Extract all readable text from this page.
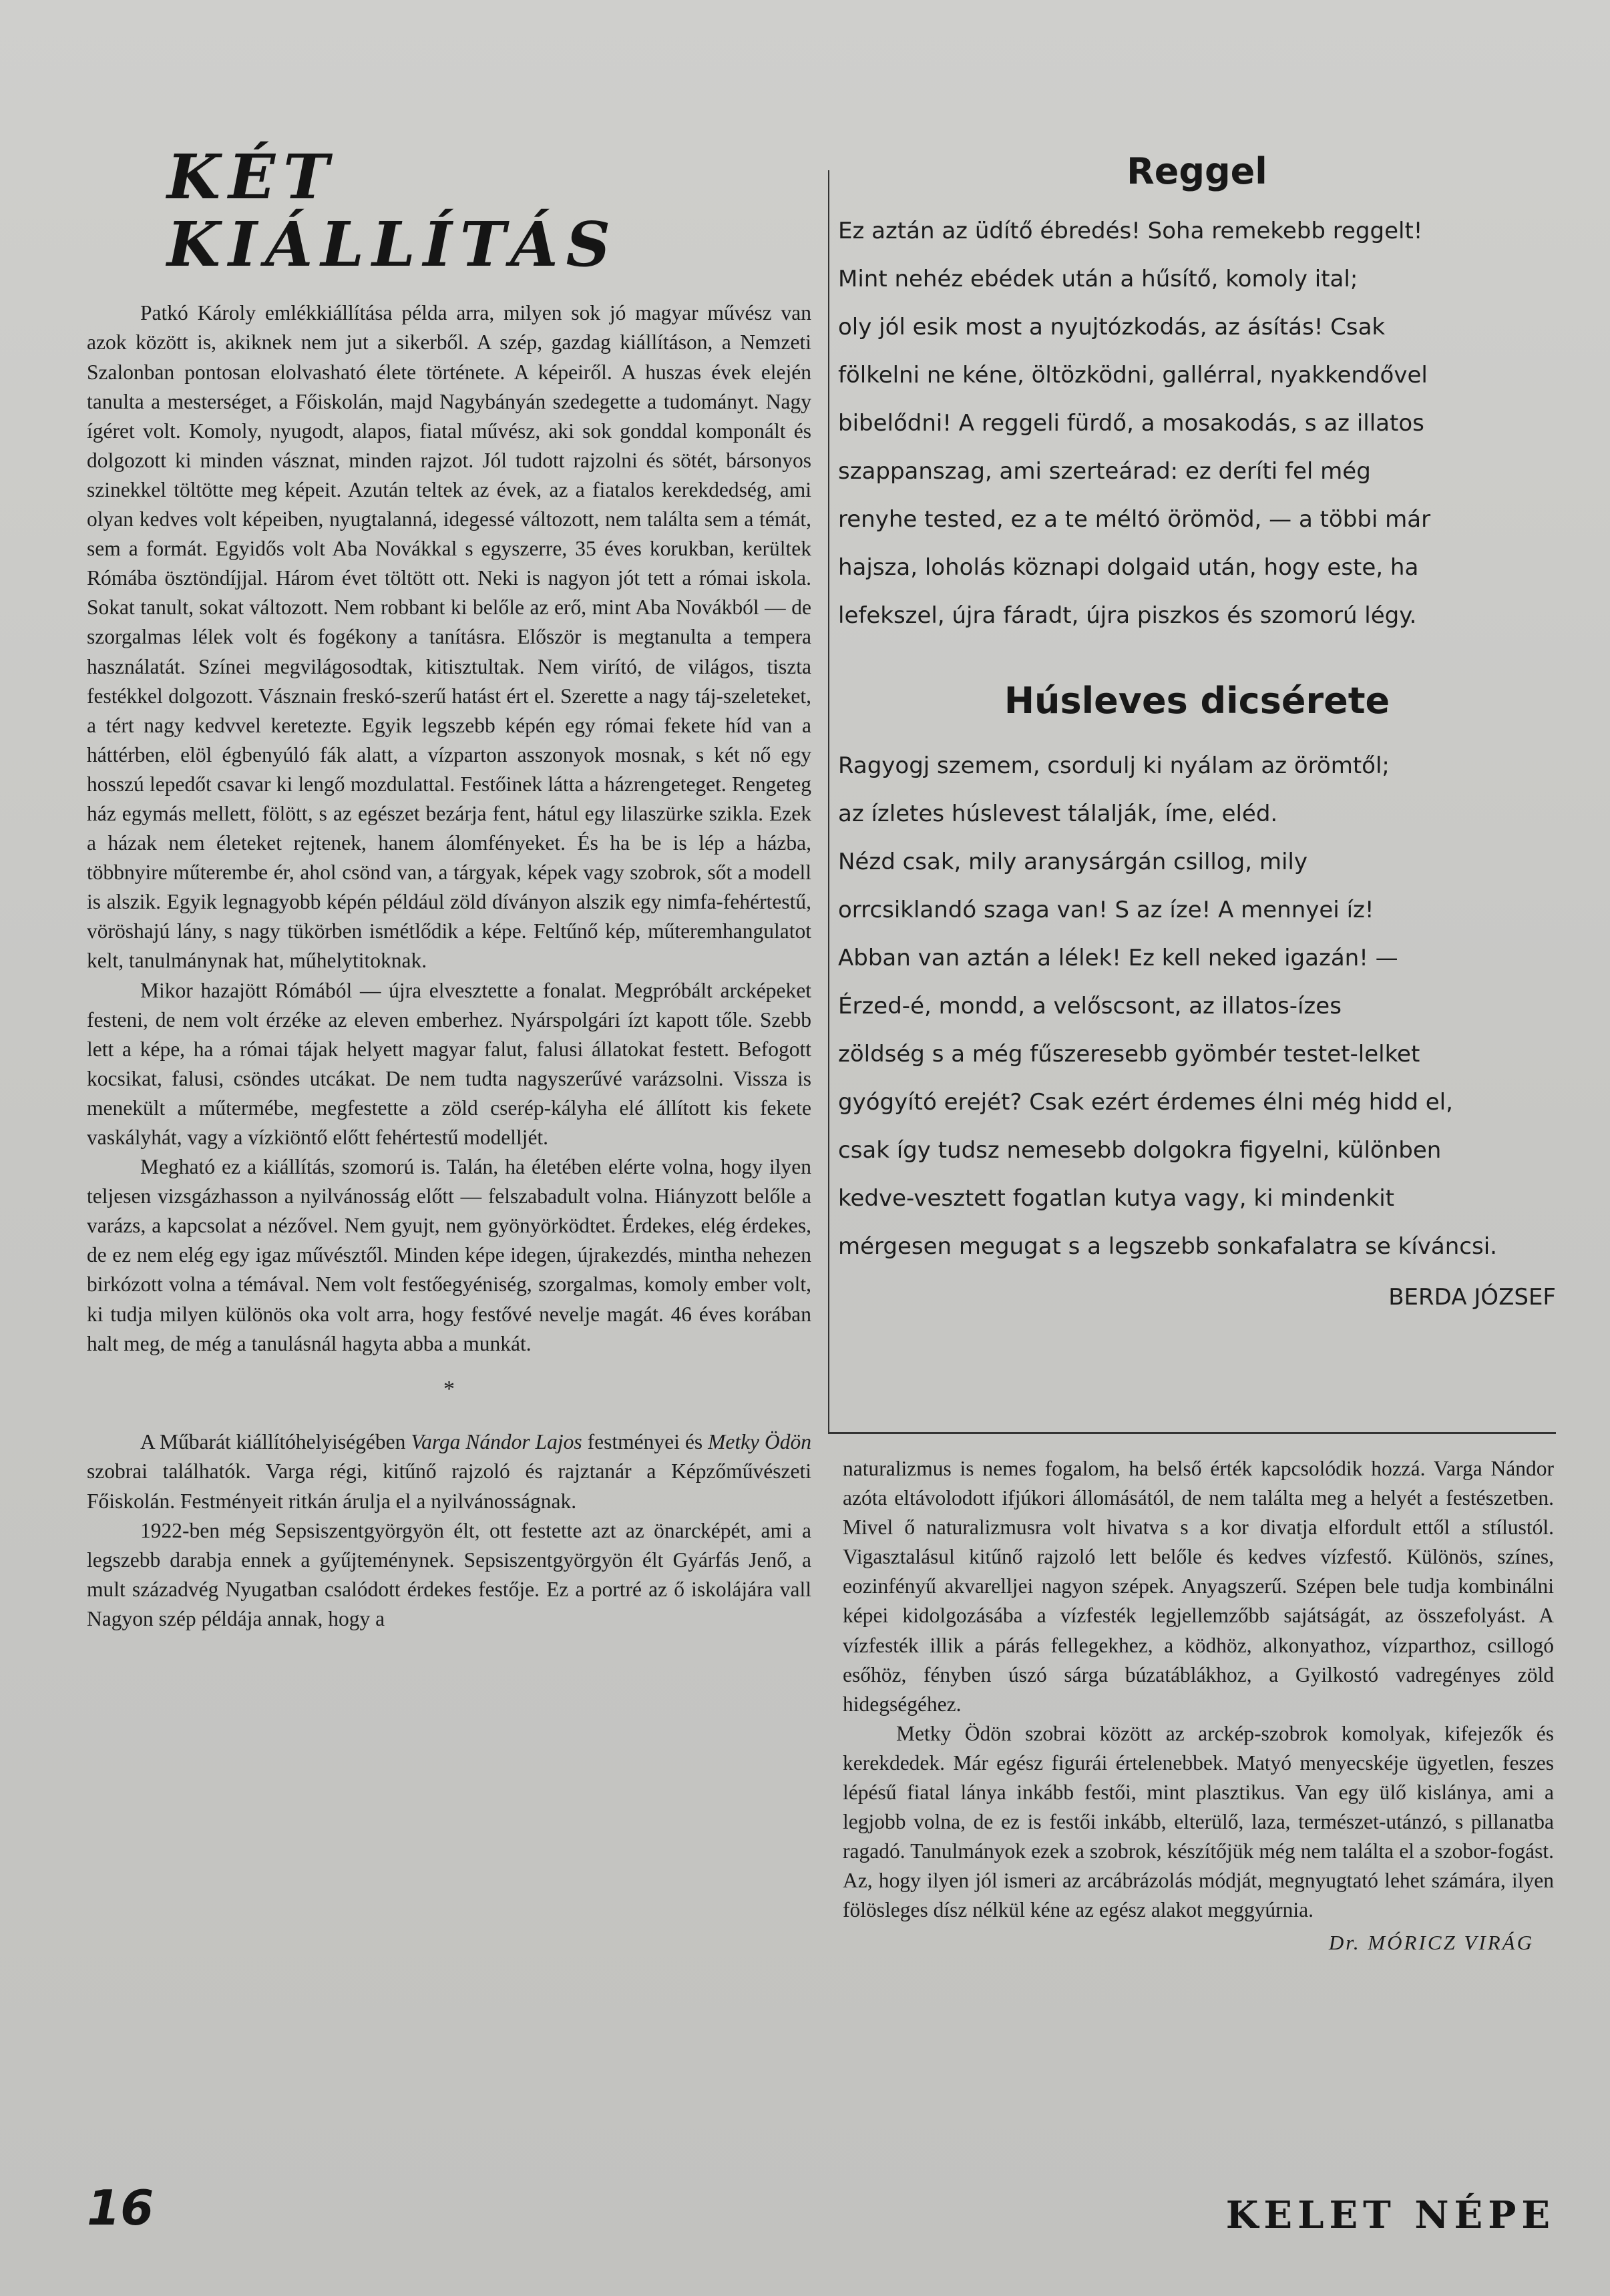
KÉT KIÁLLÍTÁS

Patkó Károly emlékkiállítása példa arra, milyen sok jó magyar művész van azok között is, akiknek nem jut a sikerből. A szép, gazdag kiállításon, a Nemzeti Szalonban pontosan elolvasható élete története. A képeiről. A huszas évek elején tanulta a mesterséget, a Főiskolán, majd Nagybányán szedegette a tudományt. Nagy ígéret volt. Komoly, nyugodt, alapos, fiatal művész, aki sok gonddal komponált és dolgozott ki minden vásznat, minden rajzot. Jól tudott rajzolni és sötét, bársonyos szinekkel töltötte meg képeit. Azután teltek az évek, az a fiatalos kerekdedség, ami olyan kedves volt képeiben, nyugtalanná, idegessé változott, nem találta sem a témát, sem a formát. Egyidős volt Aba Novákkal s egyszerre, 35 éves korukban, kerültek Rómába ösztöndíjjal. Három évet töltött ott. Neki is nagyon jót tett a római iskola. Sokat tanult, sokat változott. Nem robbant ki belőle az erő, mint Aba Novákból — de szorgalmas lélek volt és fogékony a tanításra. Először is megtanulta a tempera használatát. Színei megvilágosodtak, kitisztultak. Nem virító, de világos, tiszta festékkel dolgozott. Vásznain freskó-szerű hatást ért el. Szerette a nagy táj-szeleteket, a tért nagy kedvvel keretezte. Egyik legszebb képén egy római fekete híd van a háttérben, elöl égbenyúló fák alatt, a vízparton asszonyok mosnak, s két nő egy hosszú lepedőt csavar ki lengő mozdulattal. Festőinek látta a házrengeteget. Rengeteg ház egymás mellett, fölött, s az egészet bezárja fent, hátul egy lilaszürke szikla. Ezek a házak nem életeket rejtenek, hanem álomfényeket. És ha be is lép a házba, többnyire műterembe ér, ahol csönd van, a tárgyak, képek vagy szobrok, sőt a modell is alszik. Egyik legnagyobb képén például zöld díványon alszik egy nimfa-fehértestű, vöröshajú lány, s nagy tükörben ismétlődik a képe. Feltűnő kép, műteremhangulatot kelt, tanulmánynak hat, műhelytitoknak.

Mikor hazajött Rómából — újra elvesztette a fonalat. Megpróbált arcképeket festeni, de nem volt érzéke az eleven emberhez. Nyárspolgári ízt kapott tőle. Szebb lett a képe, ha a római tájak helyett magyar falut, falusi állatokat festett. Befogott kocsikat, falusi, csöndes utcákat. De nem tudta nagyszerűvé varázsolni. Vissza is menekült a műtermébe, megfestette a zöld cserép-kályha elé állított kis fekete vaskályhát, vagy a vízkiöntő előtt fehértestű modelljét.

Megható ez a kiállítás, szomorú is. Talán, ha életében elérte volna, hogy ilyen teljesen vizsgázhasson a nyilvánosság előtt — felszabadult volna. Hiányzott belőle a varázs, a kapcsolat a nézővel. Nem gyujt, nem gyönyörködtet. Érdekes, elég érdekes, de ez nem elég egy igaz művésztől. Minden képe idegen, újrakezdés, mintha nehezen birkózott volna a témával. Nem volt festőegyéniség, szorgalmas, komoly ember volt, ki tudja milyen különös oka volt arra, hogy festővé nevelje magát. 46 éves korában halt meg, de még a tanulásnál hagyta abba a munkát.

*

A Műbarát kiállítóhelyiségében Varga Nándor Lajos festményei és Metky Ödön szobrai találhatók. Varga régi, kitűnő rajzoló és rajztanár a Képzőművészeti Főiskolán. Festményeit ritkán árulja el a nyilvánosságnak.

1922-ben még Sepsiszentgyörgyön élt, ott festette azt az önarcképét, ami a legszebb darabja ennek a gyűjteménynek. Sepsiszentgyörgyön élt Gyárfás Jenő, a mult századvég Nyugatban csalódott érdekes festője. Ez a portré az ő iskolájára vall Nagyon szép példája annak, hogy a

Reggel
Ez aztán az üdítő ébredés! Soha remekebb reggelt!
Mint nehéz ebédek után a hűsítő, komoly ital;
oly jól esik most a nyujtózkodás, az ásítás! Csak
fölkelni ne kéne, öltözködni, gallérral, nyakkendővel
bibelődni! A reggeli fürdő, a mosakodás, s az illatos
szappanszag, ami szerteárad: ez deríti fel még
renyhe tested, ez a te méltó örömöd, — a többi már
hajsza, loholás köznapi dolgaid után, hogy este, ha
lefekszel, újra fáradt, újra piszkos és szomorú légy.
Húsleves dicsérete
Ragyogj szemem, csordulj ki nyálam az örömtől;
az ízletes húslevest tálalják, íme, eléd.
Nézd csak, mily aranysárgán csillog, mily
orrcsiklandó szaga van! S az íze! A mennyei íz!
Abban van aztán a lélek! Ez kell neked igazán! —
Érzed-é, mondd, a velőscsont, az illatos-ízes
zöldség s a még fűszeresebb gyömbér testet-lelket
gyógyító erejét? Csak ezért érdemes élni még hidd el,
csak így tudsz nemesebb dolgokra figyelni, különben
kedve-vesztett fogatlan kutya vagy, ki mindenkit
mérgesen megugat s a legszebb sonkafalatra se kíváncsi.
BERDA JÓZSEF

naturalizmus is nemes fogalom, ha belső érték kapcsolódik hozzá. Varga Nándor azóta eltávolodott ifjúkori állomásától, de nem találta meg a helyét a festészetben. Mivel ő naturalizmusra volt hivatva s a kor divatja elfordult ettől a stílustól. Vigasztalásul kitűnő rajzoló lett belőle és kedves vízfestő. Különös, színes, eozinfényű akvarelljei nagyon szépek. Anyagszerű. Szépen bele tudja kombinálni képei kidolgozásába a vízfesték legjellemzőbb sajátságát, az összefolyást. A vízfesték illik a párás fellegekhez, a ködhöz, alkonyathoz, vízparthoz, csillogó esőhöz, fényben úszó sárga búzatáblákhoz, a Gyilkostó vadregényes zöld hidegségéhez.

Metky Ödön szobrai között az arckép-szobrok komolyak, kifejezők és kerekdedek. Már egész figurái értelenebbek. Matyó menyecskéje ügyetlen, feszes lépésű fiatal lánya inkább festői, mint plasztikus. Van egy ülő kislánya, ami a legjobb volna, de ez is festői inkább, elterülő, laza, természet-utánzó, s pillanatba ragadó. Tanulmányok ezek a szobrok, készítőjük még nem találta el a szobor-fogást. Az, hogy ilyen jól ismeri az arcábrázolás módját, megnyugtató lehet számára, ilyen fölösleges dísz nélkül kéne az egész alakot meggyúrnia.

Dr. MÓRICZ VIRÁG
16	KELET NÉPE
